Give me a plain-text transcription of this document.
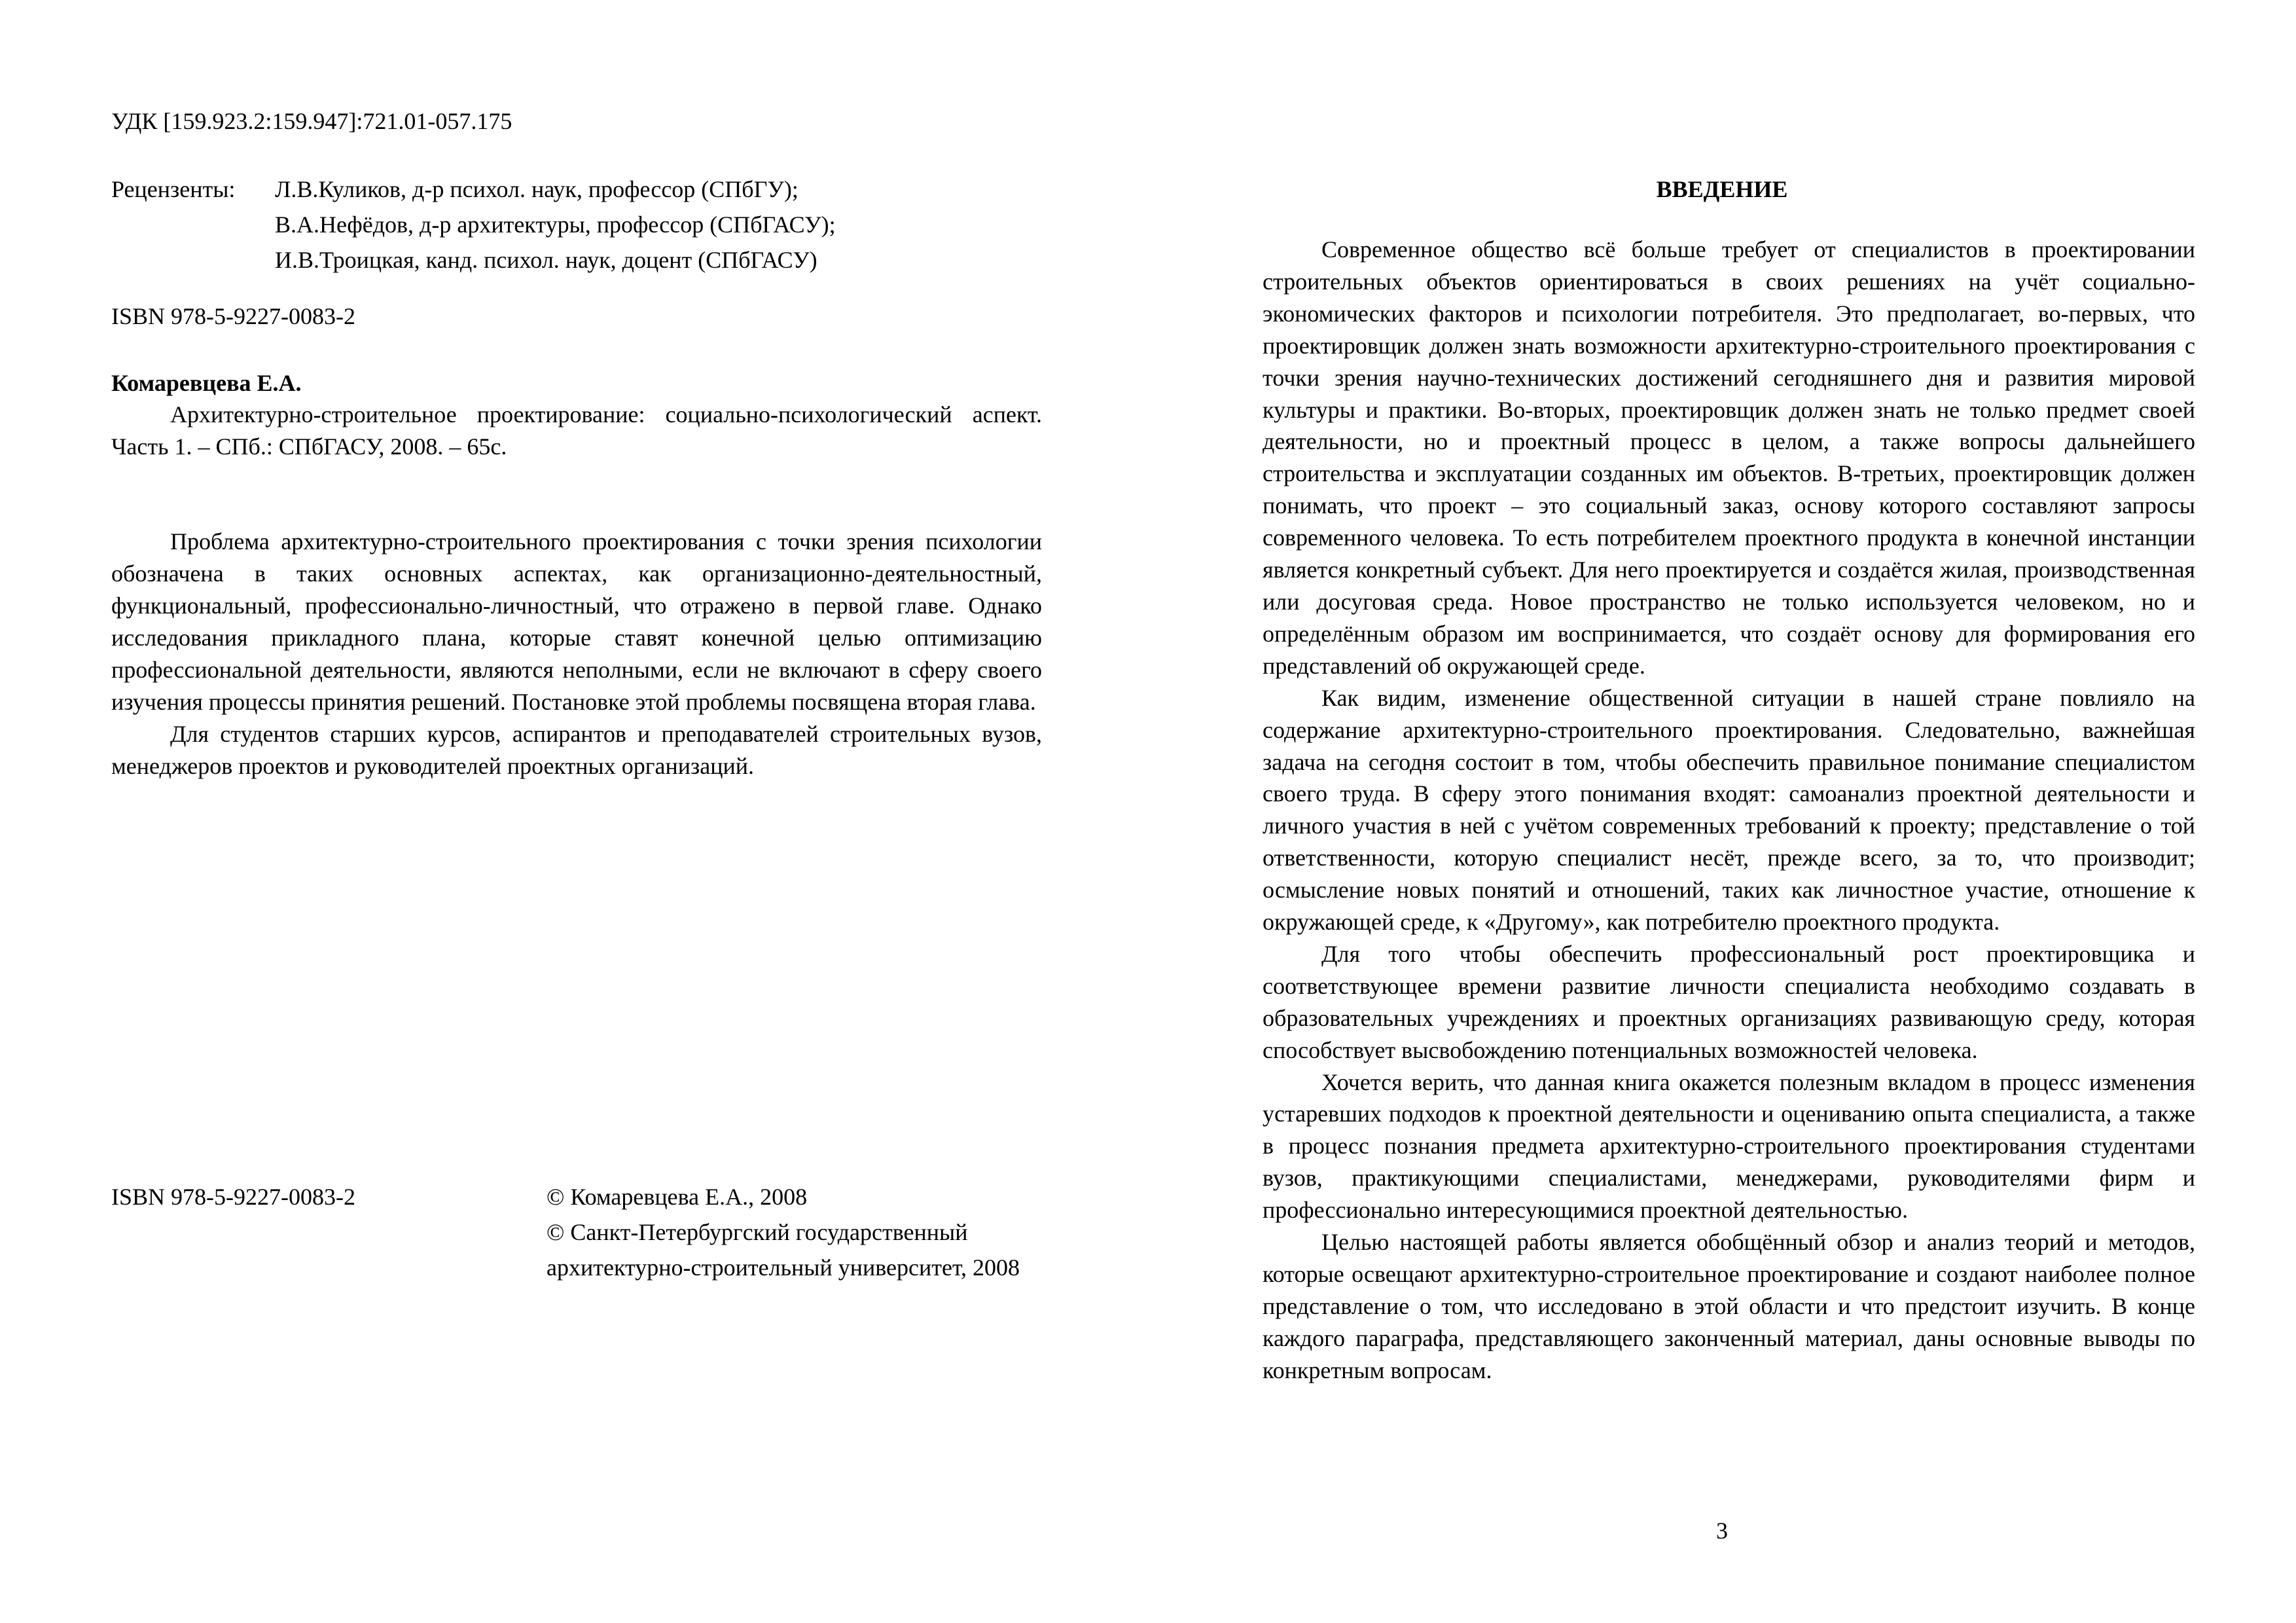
УДК [159.923.2:159.947]:721.01-057.175
Рецензенты: Л.В.Куликов, д-р психол. наук, профессор (СПбГУ);
В.А.Нефёдов, д-р архитектуры, профессор (СПбГАСУ);
И.В.Троицкая, канд. психол. наук, доцент (СПбГАСУ)
ISBN 978-5-9227-0083-2
Комаревцева Е.А.

Архитектурно-строительное проектирование: социально-психологический аспект. Часть 1. – СПб.: СПбГАСУ, 2008. – 65с.

Проблема архитектурно-строительного проектирования с точки зрения психологии обозначена в таких основных аспектах, как организационно-деятельностный, функциональный, профессионально-личностный, что отражено в первой главе. Однако исследования прикладного плана, которые ставят конечной целью оптимизацию профессиональной деятельности, являются неполными, если не включают в сферу своего изучения процессы принятия решений. Постановке этой проблемы посвящена вторая глава.

Для студентов старших курсов, аспирантов и преподавателей строительных вузов, менеджеров проектов и руководителей проектных организаций.

ISBN 978-5-9227-0083-2	© Комаревцева Е.А., 2008
© Санкт-Петербургский государственный архитектурно-строительный университет, 2008
ВВЕДЕНИЕ

Современное общество всё больше требует от специалистов в проектировании строительных объектов ориентироваться в своих решениях на учёт социально-экономических факторов и психологии потребителя. Это предполагает, во-первых, что проектировщик должен знать возможности архитектурно-строительного проектирования с точки зрения научно-технических достижений сегодняшнего дня и развития мировой культуры и практики. Во-вторых, проектировщик должен знать не только предмет своей деятельности, но и проектный процесс в целом, а также вопросы дальнейшего строительства и эксплуатации созданных им объектов. В-третьих, проектировщик должен понимать, что проект – это социальный заказ, основу которого составляют запросы современного человека. То есть потребителем проектного продукта в конечной инстанции является конкретный субъект. Для него проектируется и создаётся жилая, производственная или досуговая среда. Новое пространство не только используется человеком, но и определённым образом им воспринимается, что создаёт основу для формирования его представлений об окружающей среде.

Как видим, изменение общественной ситуации в нашей стране повлияло на содержание архитектурно-строительного проектирования. Следовательно, важнейшая задача на сегодня состоит в том, чтобы обеспечить правильное понимание специалистом своего труда. В сферу этого понимания входят: самоанализ проектной деятельности и личного участия в ней с учётом современных требований к проекту; представление о той ответственности, которую специалист несёт, прежде всего, за то, что производит; осмысление новых понятий и отношений, таких как личностное участие, отношение к окружающей среде, к «Другому», как потребителю проектного продукта.

Для того чтобы обеспечить профессиональный рост проектировщика и соответствующее времени развитие личности специалиста необходимо создавать в образовательных учреждениях и проектных организациях развивающую среду, которая способствует высвобождению потенциальных возможностей человека.

Хочется верить, что данная книга окажется полезным вкладом в процесс изменения устаревших подходов к проектной деятельности и оцениванию опыта специалиста, а также в процесс познания предмета архитектурно-строительного проектирования студентами вузов, практикующими специалистами, менеджерами, руководителями фирм и профессионально интересующимися проектной деятельностью.

Целью настоящей работы является обобщённый обзор и анализ теорий и методов, которые освещают архитектурно-строительное проектирование и создают наиболее полное представление о том, что исследовано в этой области и что предстоит изучить. В конце каждого параграфа, представляющего законченный материал, даны основные выводы по конкретным вопросам.

3
